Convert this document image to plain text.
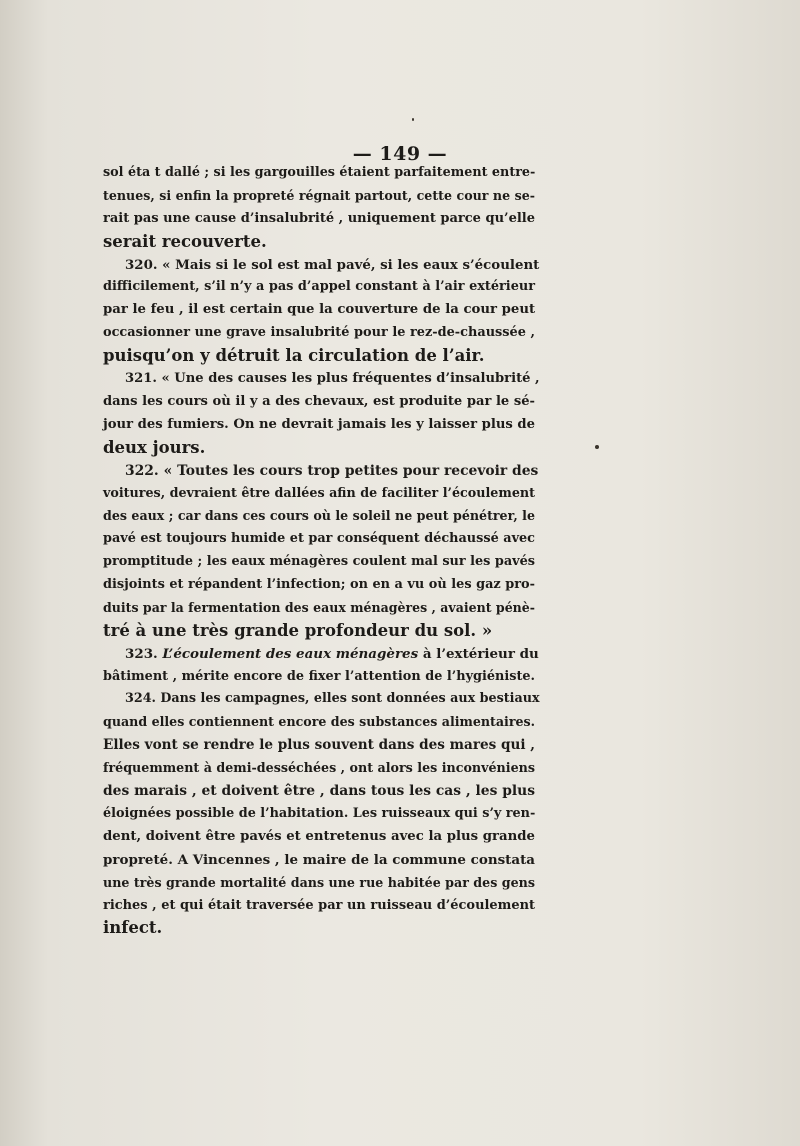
— 149 —
sol éta t dallé ; si les gargouilles étaient parfaitement entre-
tenues, si enfin la propreté régnait partout, cette cour ne se-
rait pas une cause d’insalubrité , uniquement parce qu’elle
serait recouverte.
320. « Mais si le sol est mal pavé, si les eaux s’écoulent
difficilement, s’il n’y a pas d’appel constant à l’air extérieur
par le feu , il est certain que la couverture de la cour peut
occasionner une grave insalubrité pour le rez-de-chaussée ,
puisqu’on y détruit la circulation de l’air.
321. « Une des causes les plus fréquentes d’insalubrité ,
dans les cours où il y a des chevaux, est produite par le sé-
jour des fumiers. On ne devrait jamais les y laisser plus de
deux jours.
322. « Toutes les cours trop petites pour recevoir des
voitures, devraient être dallées afin de faciliter l’écoulement
des eaux ; car dans ces cours où le soleil ne peut pénétrer, le
pavé est toujours humide et par conséquent déchaussé avec
promptitude ; les eaux ménagères coulent mal sur les pavés
disjoints et répandent l’infection; on en a vu où les gaz pro-
duits par la fermentation des eaux ménagères , avaient pénè-
tré à une très grande profondeur du sol. »
323. L’écoulement des eaux ménagères à l’extérieur du
bâtiment , mérite encore de fixer l’attention de l’hygiéniste.
324. Dans les campagnes, elles sont données aux bestiaux
quand elles contiennent encore des substances alimentaires.
Elles vont se rendre le plus souvent dans des mares qui ,
fréquemment à demi-desséchées , ont alors les inconvéniens
des marais , et doivent être , dans tous les cas , les plus
éloignées possible de l’habitation. Les ruisseaux qui s’y ren-
dent, doivent être pavés et entretenus avec la plus grande
propreté. A Vincennes , le maire de la commune constata
une très grande mortalité dans une rue habitée par des gens
riches , et qui était traversée par un ruisseau d’écoulement
infect.
